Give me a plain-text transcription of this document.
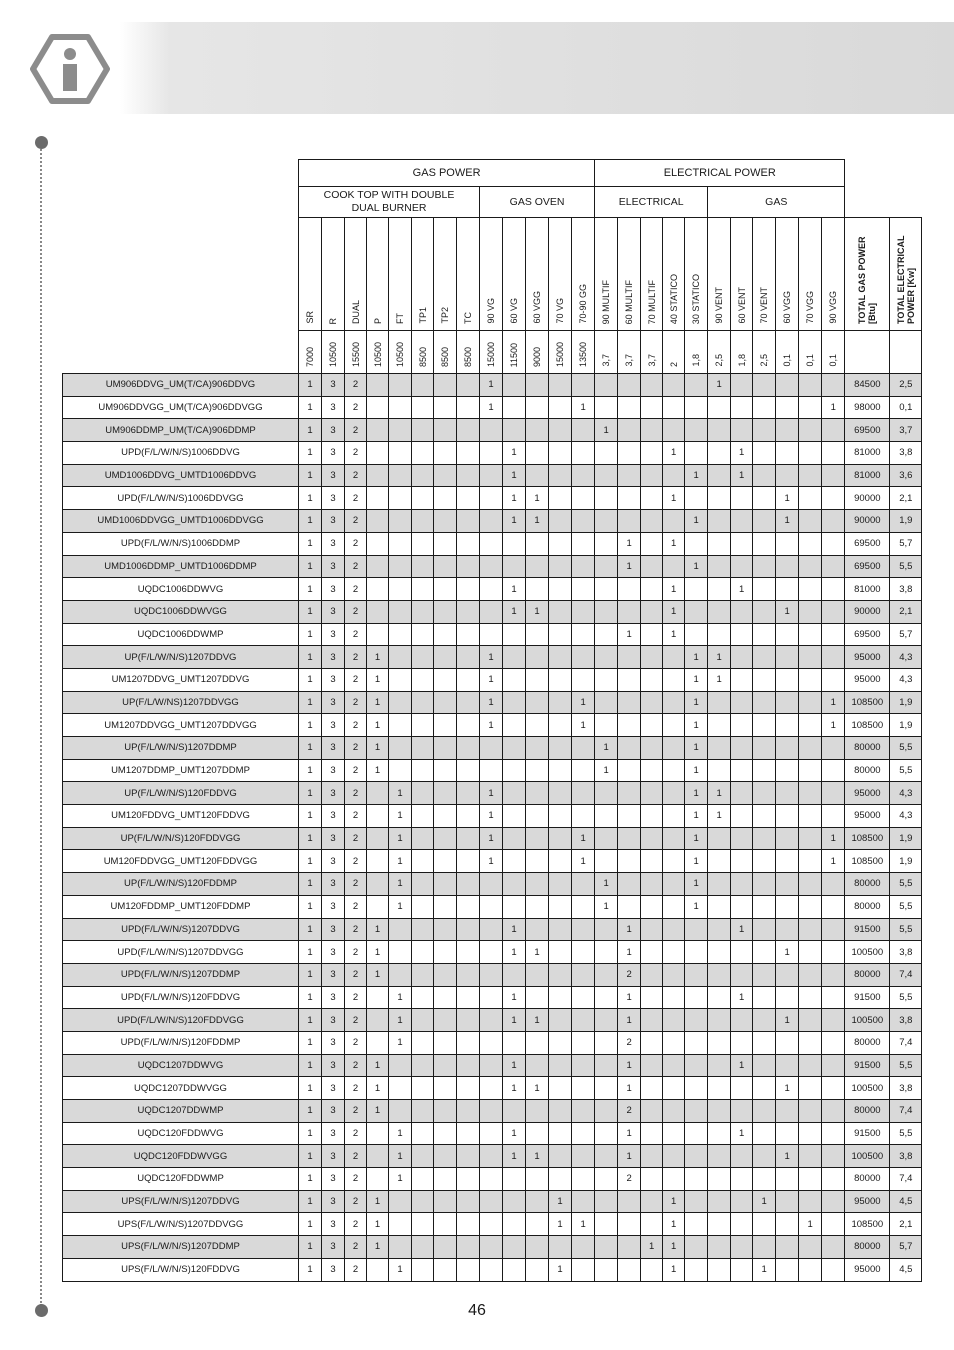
	GAS POWER													ELECTRICAL POWER												
	COOK TOP WITH DOUBLE DUAL BURNER								GAS OVEN					ELECTRICAL					GAS							
	SR	R	DUAL	P	FT	TP1	TP2	TC	90 VG	60 VG	60 VGG	70 VG	70-90 GG	90 MULTIF	60 MULTIF	70 MULTIF	40 STATICO	30 STATICO	90 VENT	60 VENT	70 VENT	60 VGG	70 VGG	90 VGG	TOTAL GAS POWER [Btu]	TOTAL ELECTRICAL POWER [Kw]
	7000	10500	15500	10500	10500	8500	8500	8500	15000	11500	9000	15000	13500	3,7	3,7	3,7	2	1,8	2,5	1,8	2,5	0,1	0,1	0,1		
UM906DDVG_UM(T/CA)906DDVG	1	3	2						1										1						84500	2,5
UM906DDVGG_UM(T/CA)906DDVGG	1	3	2						1				1											1	98000	0,1
UM906DDMP_UM(T/CA)906DDMP	1	3	2											1											69500	3,7
UPD(F/L/W/N/S)1006DDVG	1	3	2							1							1			1					81000	3,8
UMD1006DDVG_UMTD1006DDVG	1	3	2							1								1		1					81000	3,6
UPD(F/L/W/N/S)1006DDVGG	1	3	2							1	1						1					1			90000	2,1
UMD1006DDVGG_UMTD1006DDVGG	1	3	2							1	1							1				1			90000	1,9
UPD(F/L/W/N/S)1006DDMP	1	3	2												1		1								69500	5,7
UMD1006DDMP_UMTD1006DDMP	1	3	2												1			1							69500	5,5
UQDC1006DDWVG	1	3	2							1							1			1					81000	3,8
UQDC1006DDWVGG	1	3	2							1	1						1					1			90000	2,1
UQDC1006DDWMP	1	3	2												1		1								69500	5,7
UP(F/L/W/N/S)1207DDVG	1	3	2	1					1									1	1						95000	4,3
UM1207DDVG_UMT1207DDVG	1	3	2	1					1									1	1						95000	4,3
UP(F/L/W/NS)1207DDVGG	1	3	2	1					1				1					1						1	108500	1,9
UM1207DDVGG_UMT1207DDVGG	1	3	2	1					1				1					1						1	108500	1,9
UP(F/L/W/N/S)1207DDMP	1	3	2	1										1				1							80000	5,5
UM1207DDMP_UMT1207DDMP	1	3	2	1										1				1							80000	5,5
UP(F/L/W/N/S)120FDDVG	1	3	2		1				1									1	1						95000	4,3
UM120FDDVG_UMT120FDDVG	1	3	2		1				1									1	1						95000	4,3
UP(F/L/W/N/S)120FDDVGG	1	3	2		1				1				1					1						1	108500	1,9
UM120FDDVGG_UMT120FDDVGG	1	3	2		1				1				1					1						1	108500	1,9
UP(F/L/W/N/S)120FDDMP	1	3	2		1									1				1							80000	5,5
UM120FDDMP_UMT120FDDMP	1	3	2		1									1				1							80000	5,5
UPD(F/L/W/N/S)1207DDVG	1	3	2	1						1					1					1					91500	5,5
UPD(F/L/W/N/S)1207DDVGG	1	3	2	1						1	1				1							1			100500	3,8
UPD(F/L/W/N/S)1207DDMP	1	3	2	1											2										80000	7,4
UPD(F/L/W/N/S)120FDDVG	1	3	2		1					1					1					1					91500	5,5
UPD(F/L/W/N/S)120FDDVGG	1	3	2		1					1	1				1							1			100500	3,8
UPD(F/L/W/N/S)120FDDMP	1	3	2		1										2										80000	7,4
UQDC1207DDWVG	1	3	2	1						1					1					1					91500	5,5
UQDC1207DDWVGG	1	3	2	1						1	1				1							1			100500	3,8
UQDC1207DDWMP	1	3	2	1											2										80000	7,4
UQDC120FDDWVG	1	3	2		1					1					1					1					91500	5,5
UQDC120FDDWVGG	1	3	2		1					1	1				1							1			100500	3,8
UQDC120FDDWMP	1	3	2		1										2										80000	7,4
UPS(F/L/W/N/S)1207DDVG	1	3	2	1								1					1				1				95000	4,5
UPS(F/L/W/N/S)1207DDVGG	1	3	2	1								1	1				1						1		108500	2,1
UPS(F/L/W/N/S)1207DDMP	1	3	2	1												1	1								80000	5,7
UPS(F/L/W/N/S)120FDDVG	1	3	2		1							1					1				1				95000	4,5
46
